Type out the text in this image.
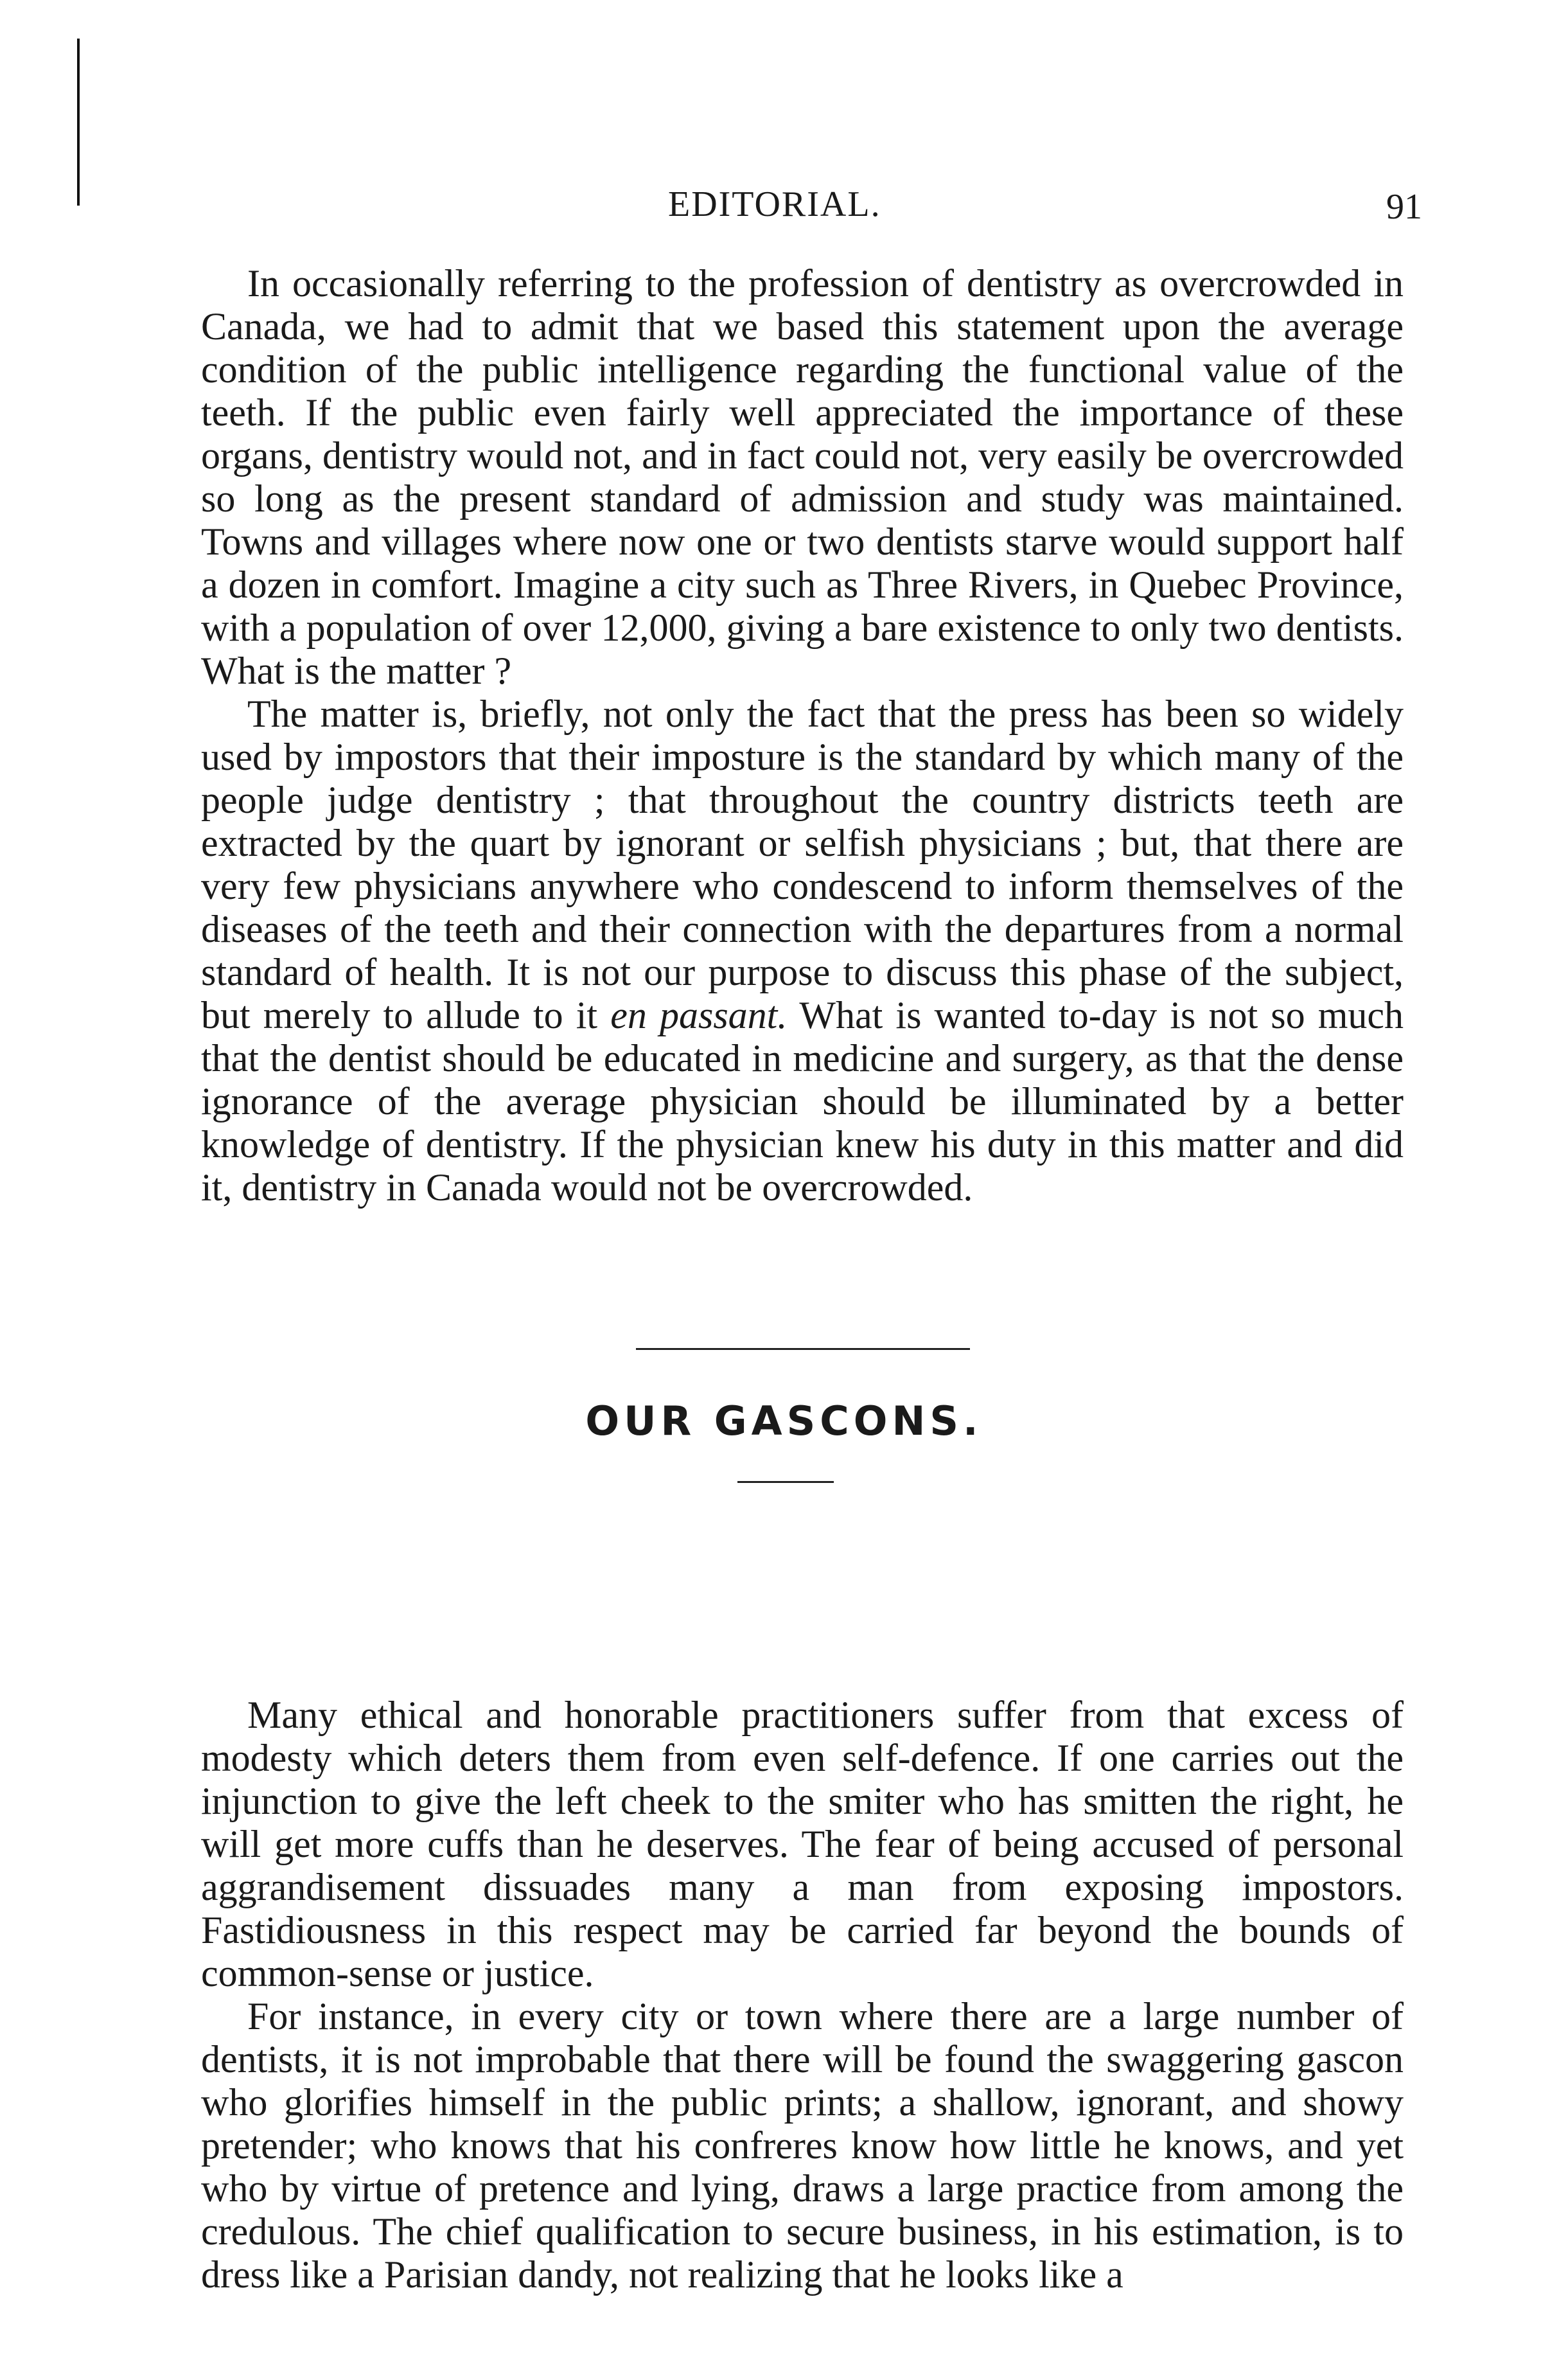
EDITORIAL.	91

In occasionally referring to the profession of dentistry as overcrowded in Canada, we had to admit that we based this statement upon the average condition of the public intelligence regarding the functional value of the teeth. If the public even fairly well appreciated the importance of these organs, dentistry would not, and in fact could not, very easily be overcrowded so long as the present standard of admission and study was maintained. Towns and villages where now one or two dentists starve would support half a dozen in comfort. Imagine a city such as Three Rivers, in Quebec Province, with a population of over 12,000, giving a bare existence to only two dentists. What is the matter ?

The matter is, briefly, not only the fact that the press has been so widely used by impostors that their imposture is the standard by which many of the people judge dentistry ; that throughout the country districts teeth are extracted by the quart by ignorant or selfish physicians ; but, that there are very few physicians anywhere who condescend to inform themselves of the diseases of the teeth and their connection with the departures from a normal standard of health. It is not our purpose to discuss this phase of the subject, but merely to allude to it en passant. What is wanted to-day is not so much that the dentist should be educated in medicine and surgery, as that the dense ignorance of the average physician should be illuminated by a better knowledge of dentistry. If the physician knew his duty in this matter and did it, dentistry in Canada would not be overcrowded.

OUR GASCONS.

Many ethical and honorable practitioners suffer from that excess of modesty which deters them from even self-defence. If one carries out the injunction to give the left cheek to the smiter who has smitten the right, he will get more cuffs than he deserves. The fear of being accused of personal aggrandisement dissuades many a man from exposing impostors. Fastidiousness in this respect may be carried far beyond the bounds of common-sense or justice.

For instance, in every city or town where there are a large number of dentists, it is not improbable that there will be found the swaggering gascon who glorifies himself in the public prints; a shallow, ignorant, and showy pretender; who knows that his confreres know how little he knows, and yet who by virtue of pretence and lying, draws a large practice from among the credulous. The chief qualification to secure business, in his estimation, is to dress like a Parisian dandy, not realizing that he looks like a
